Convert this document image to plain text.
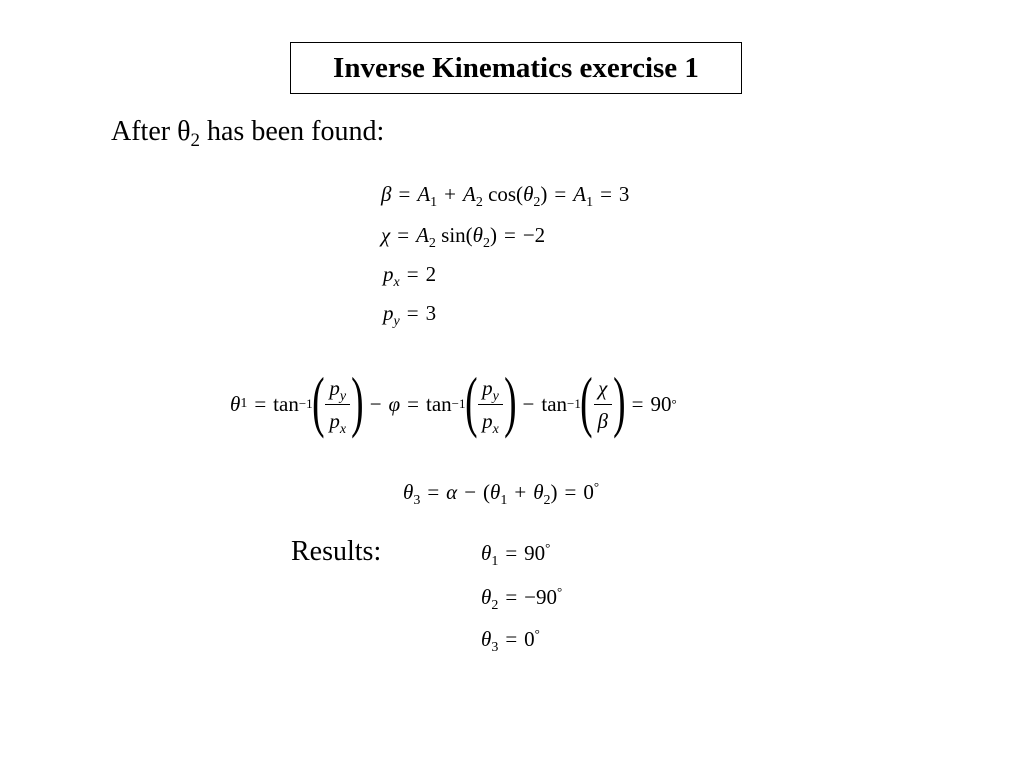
Inverse Kinematics exercise 1
After $\theta_2$ has been found:
$\beta = A_1 + A_2$ $\cos(\theta_2) = A_1 = 3$
$\chi = A_2$ $\sin(\theta_2) = -2$
$p_x = 2$
$p_y = 3$
θ 1 = tan −1 ( $\frac{p_y}{p_x}$ ) − φ = tan −1 ( $\frac{p_y}{p_x}$ ) − tan −1 ( $\frac{\chi}{\beta}$ ) = 90 °
$\theta_3 = \alpha - (\theta_1 + \theta_2) = 0^\circ$
Results:	$\theta_1 = 90^\circ$
$\theta_2 = -90^\circ$
$\theta_3 = 0^\circ$
